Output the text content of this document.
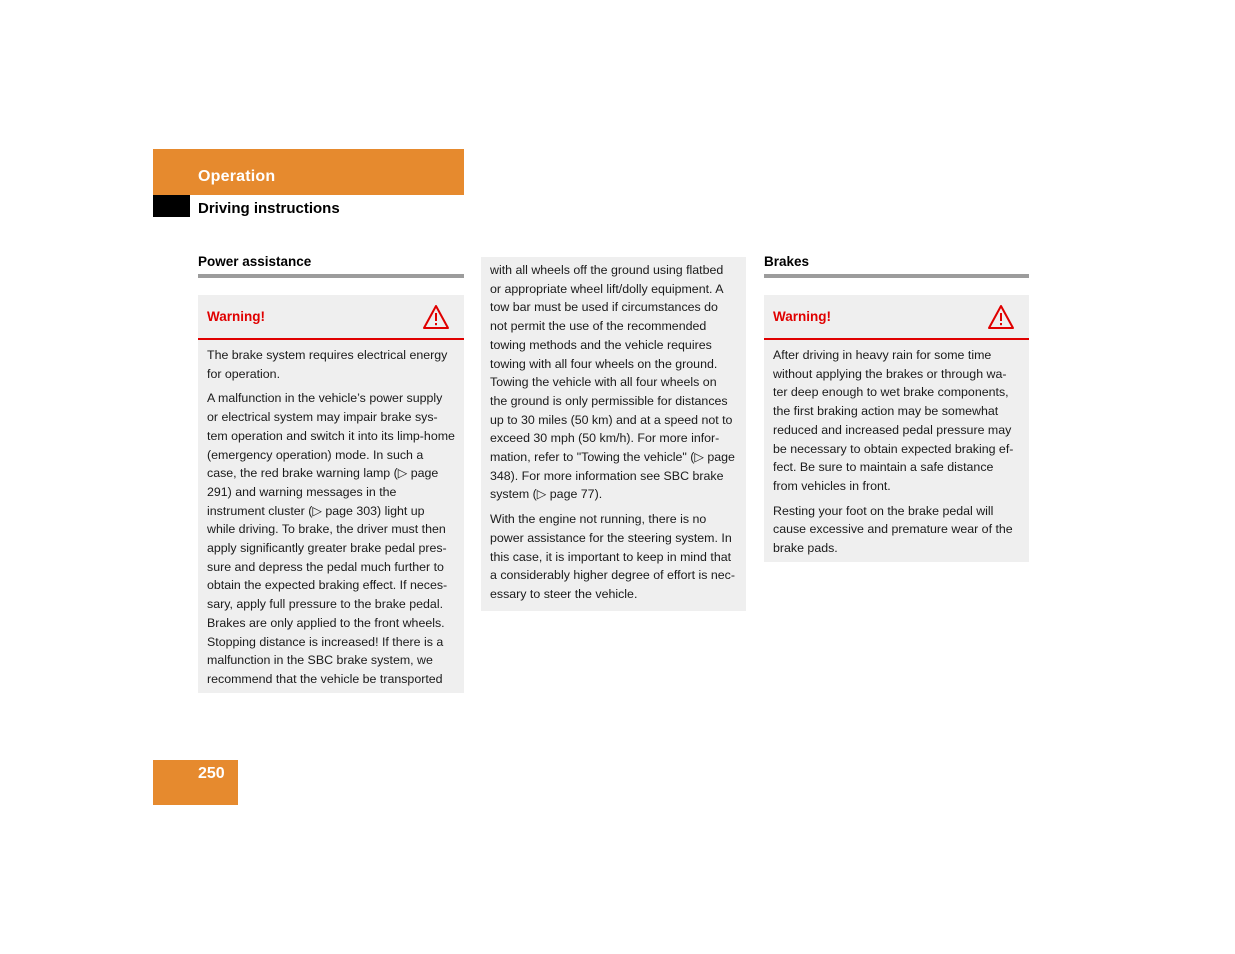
Operation
Driving instructions
Power assistance
Warning!

The brake system requires electrical energy for operation.

A malfunction in the vehicle’s power supply or electrical system may impair brake sys-tem operation and switch it into its limp-home (emergency operation) mode. In such a case, the red brake warning lamp (▷ page 291) and warning messages in the instrument cluster (▷ page 303) light up while driving. To brake, the driver must then apply significantly greater brake pedal pres-sure and depress the pedal much further to obtain the expected braking effect. If neces-sary, apply full pressure to the brake pedal. Brakes are only applied to the front wheels. Stopping distance is increased! If there is a malfunction in the SBC brake system, we recommend that the vehicle be transported

with all wheels off the ground using flatbed or appropriate wheel lift/dolly equipment. A tow bar must be used if circumstances do not permit the use of the recommended towing methods and the vehicle requires towing with all four wheels on the ground. Towing the vehicle with all four wheels on the ground is only permissible for distances up to 30 miles (50 km) and at a speed not to exceed 30 mph (50 km/h). For more infor-mation, refer to "Towing the vehicle" (▷ page 348). For more information see SBC brake system (▷ page 77).

With the engine not running, there is no power assistance for the steering system. In this case, it is important to keep in mind that a considerably higher degree of effort is nec-essary to steer the vehicle.

Brakes
Warning!

After driving in heavy rain for some time without applying the brakes or through wa-ter deep enough to wet brake components, the first braking action may be somewhat reduced and increased pedal pressure may be necessary to obtain expected braking ef-fect. Be sure to maintain a safe distance from vehicles in front.

Resting your foot on the brake pedal will cause excessive and premature wear of the brake pads.

250
